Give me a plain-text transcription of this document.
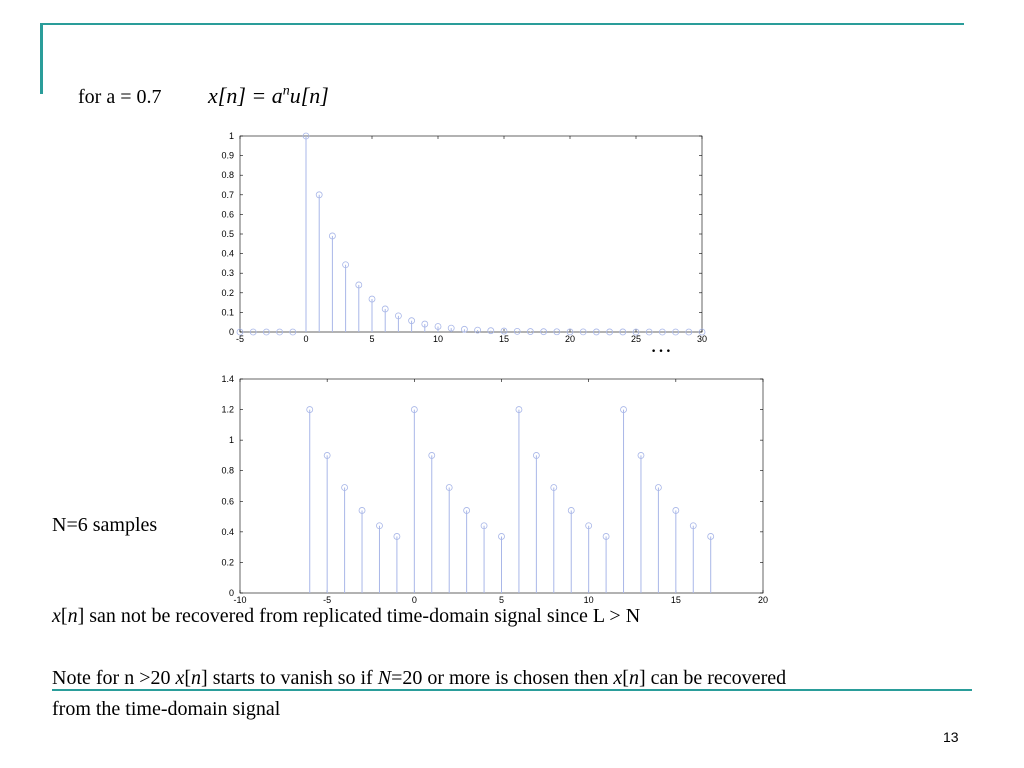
for a = 0.7 $x[n] = a^nu[n]$
-5	0	5	10	15	20	25	30
0
0.1
0.2
0.3
0.4
0.5
0.6
0.7
0.8
0.9
1
-10	-5	0	5	10	15	20
0
0.2
0.4
0.6
0.8
1
1.2
1.4
…
N=6 samples
x[n] san not be recovered from replicated time-domain signal since L > N
Note for n >20 x[n] starts to vanish so if N=20 or more is chosen then x[n] can be recovered
from the time-domain signal
13
